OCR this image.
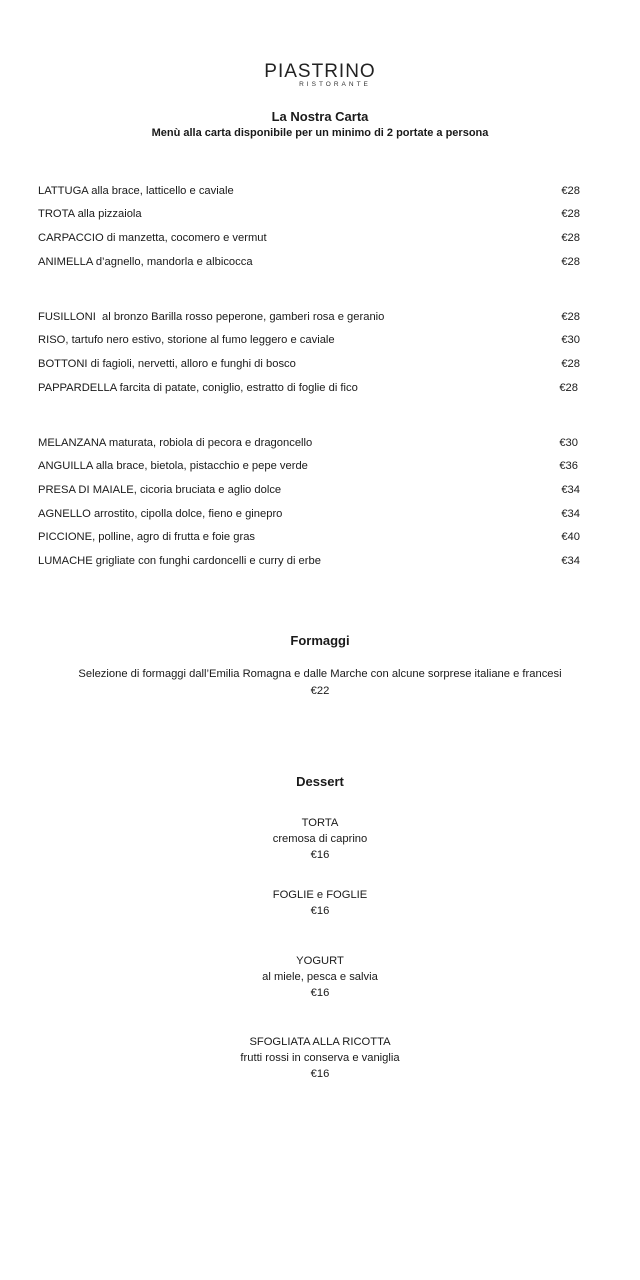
PIASTRINO
RISTORANTE
La Nostra Carta
Menù alla carta disponibile per un minimo di 2 portate a persona
LATTUGA alla brace, latticello e caviale	€28
TROTA alla pizzaiola	€28
CARPACCIO di manzetta, cocomero e vermut	€28
ANIMELLA d’agnello, mandorla e albicocca	€28
FUSILLONI  al bronzo Barilla rosso peperone, gamberi rosa e geranio	€28
RISO, tartufo nero estivo, storione al fumo leggero e caviale	€30
BOTTONI di fagioli, nervetti, alloro e funghi di bosco	€28
PAPPARDELLA farcita di patate, coniglio, estratto di foglie di fico	€28
MELANZANA maturata, robiola di pecora e dragoncello	€30
ANGUILLA alla brace, bietola, pistacchio e pepe verde	€36
PRESA DI MAIALE, cicoria bruciata e aglio dolce	€34
AGNELLO arrostito, cipolla dolce, fieno e ginepro	€34
PICCIONE, polline, agro di frutta e foie gras	€40
LUMACHE grigliate con funghi cardoncelli e curry di erbe	€34
Formaggi
Selezione di formaggi dall’Emilia Romagna e dalle Marche con alcune sorprese italiane e francesi
€22
Dessert
TORTA
cremosa di caprino
€16
FOGLIE e FOGLIE
€16
YOGURT
al miele, pesca e salvia
€16
SFOGLIATA ALLA RICOTTA
frutti rossi in conserva e vaniglia
€16
